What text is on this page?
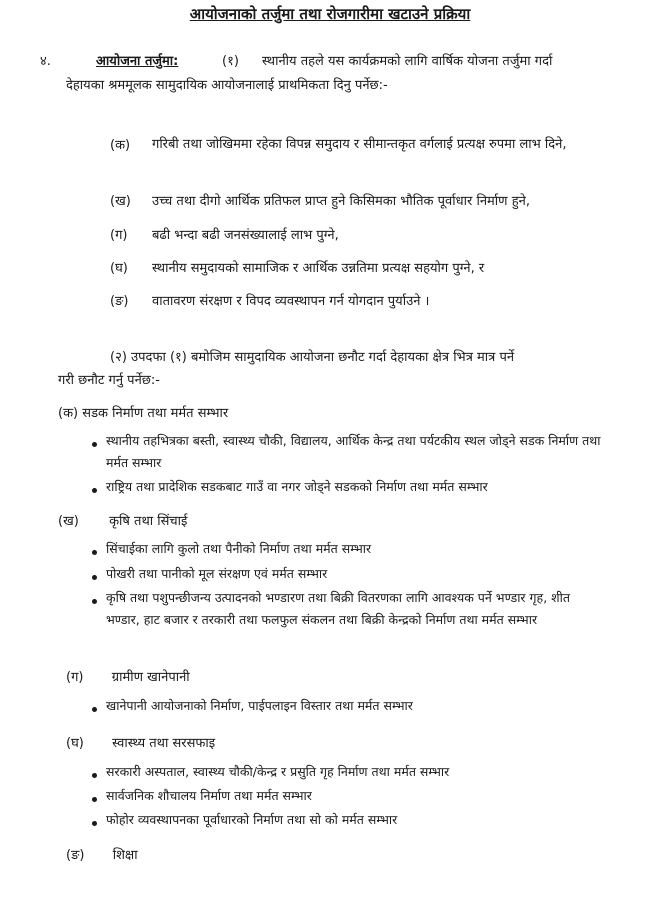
आयोजनाको तर्जुमा तथा रोजगारीमा खटाउने प्रक्रिया
४.	आयोजना तर्जुमा:	(१) स्थानीय तहले यस कार्यक्रमको लागि वार्षिक योजना तर्जुमा गर्दा
देहायका श्रममूलक सामुदायिक आयोजनालाई प्राथमिकता दिनु पर्नेछ:-
(क) गरिबी तथा जोखिममा रहेका विपन्न समुदाय र सीमान्तकृत वर्गलाई प्रत्यक्ष रुपमा लाभ दिने,
(ख) उच्च तथा दीगो आर्थिक प्रतिफल प्राप्त हुने किसिमका भौतिक पूर्वाधार निर्माण हुने,
(ग) बढी भन्दा बढी जनसंख्यालाई लाभ पुग्ने,
(घ) स्थानीय समुदायको सामाजिक र आर्थिक उन्नतिमा प्रत्यक्ष सहयोग पुग्ने, र
(ङ) वातावरण संरक्षण र विपद व्यवस्थापन गर्न योगदान पुर्याउने ।
(२) उपदफा (१) बमोजिम सामुदायिक आयोजना छनौट गर्दा देहायका क्षेत्र भित्र मात्र पर्ने
गरी छनौट गर्नु पर्नेछ:-
(क) सडक निर्माण तथा मर्मत सम्भार
स्थानीय तहभित्रका बस्ती, स्वास्थ्य चौकी, विद्यालय, आर्थिक केन्द्र तथा पर्यटकीय स्थल जोड्ने सडक निर्माण तथा मर्मत सम्भार
राष्ट्रिय तथा प्रादेशिक सडकबाट गाउँ वा नगर जोड्ने सडकको निर्माण तथा मर्मत सम्भार
(ख) कृषि तथा सिंचाई
सिंचाईका लागि कुलो तथा पैनीको निर्माण तथा मर्मत सम्भार
पोखरी तथा पानीको मूल संरक्षण एवं मर्मत सम्भार
कृषि तथा पशुपन्छीजन्य उत्पादनको भण्डारण तथा बिक्री वितरणका लागि आवश्यक पर्ने भण्डार गृह, शीत भण्डार, हाट बजार र तरकारी तथा फलफुल संकलन तथा बिक्री केन्द्रको निर्माण तथा मर्मत सम्भार
(ग) ग्रामीण खानेपानी
खानेपानी आयोजनाको निर्माण, पाईपलाइन विस्तार तथा मर्मत सम्भार
(घ) स्वास्थ्य तथा सरसफाइ
सरकारी अस्पताल, स्वास्थ्य चौकी/केन्द्र र प्रसुति गृह निर्माण तथा मर्मत सम्भार
सार्वजनिक शौचालय निर्माण तथा मर्मत सम्भार
फोहोर व्यवस्थापनका पूर्वाधारको निर्माण तथा सो को मर्मत सम्भार
(ङ) शिक्षा
